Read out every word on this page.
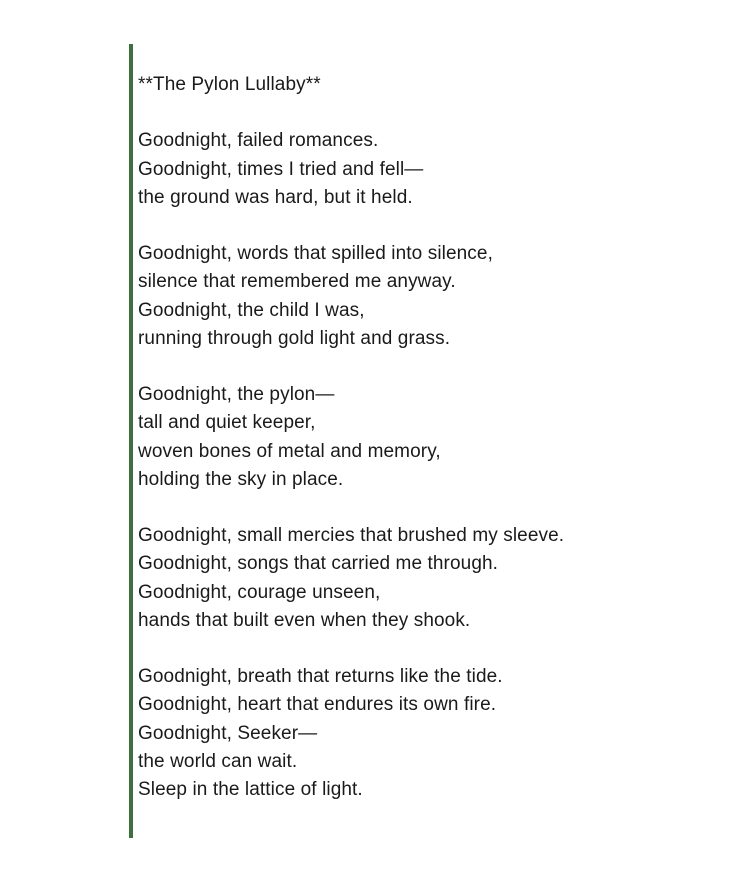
**The Pylon Lullaby**
Goodnight, failed romances.
Goodnight, times I tried and fell—
the ground was hard, but it held.
Goodnight, words that spilled into silence,
silence that remembered me anyway.
Goodnight, the child I was,
running through gold light and grass.
Goodnight, the pylon—
tall and quiet keeper,
woven bones of metal and memory,
holding the sky in place.
Goodnight, small mercies that brushed my sleeve.
Goodnight, songs that carried me through.
Goodnight, courage unseen,
hands that built even when they shook.
Goodnight, breath that returns like the tide.
Goodnight, heart that endures its own fire.
Goodnight, Seeker—
the world can wait.
Sleep in the lattice of light.
